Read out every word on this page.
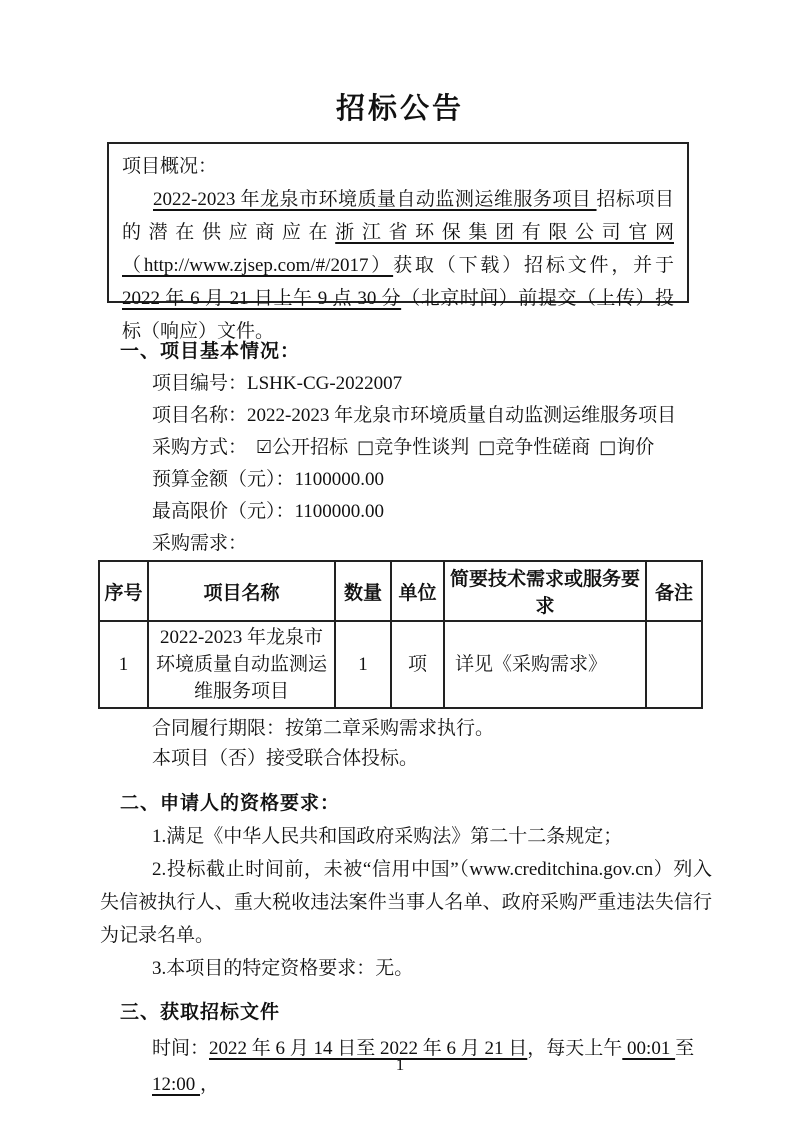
招标公告
项目概况：

2022-2023 年龙泉市环境质量自动监测运维服务项目 招标项目的潜在供应商应在浙江省环保集团有限公司官网（http://www.zjsep.com/#/2017）获取（下载）招标文件，并于 2022 年 6 月 21 日上午 9 点 30 分（北京时间）前提交（上传）投标（响应）文件。

一、项目基本情况：
项目编号：LSHK-CG-2022007
项目名称：2022-2023 年龙泉市环境质量自动监测运维服务项目
采购方式： ☑公开招标 □竞争性谈判 □竞争性磋商 □询价
预算金额（元）：1100000.00
最高限价（元）：1100000.00
采购需求：
序号	项目名称	数量	单位	简要技术需求或服务要求	备注
1	2022-2023 年龙泉市环境质量自动监测运维服务项目	1	项	详见《采购需求》	
合同履行期限：按第二章采购需求执行。
本项目（否）接受联合体投标。
二、申请人的资格要求：

1.满足《中华人民共和国政府采购法》第二十二条规定；

2.投标截止时间前，未被“信用中国”（www.creditchina.gov.cn）列入失信被执行人、重大税收违法案件当事人名单、政府采购严重违法失信行为记录名单。

3.本项目的特定资格要求：无。

三、获取招标文件
时间：2022 年 6 月 14 日至 2022 年 6 月 21 日，每天上午 00:01 至 12:00 ，
1
